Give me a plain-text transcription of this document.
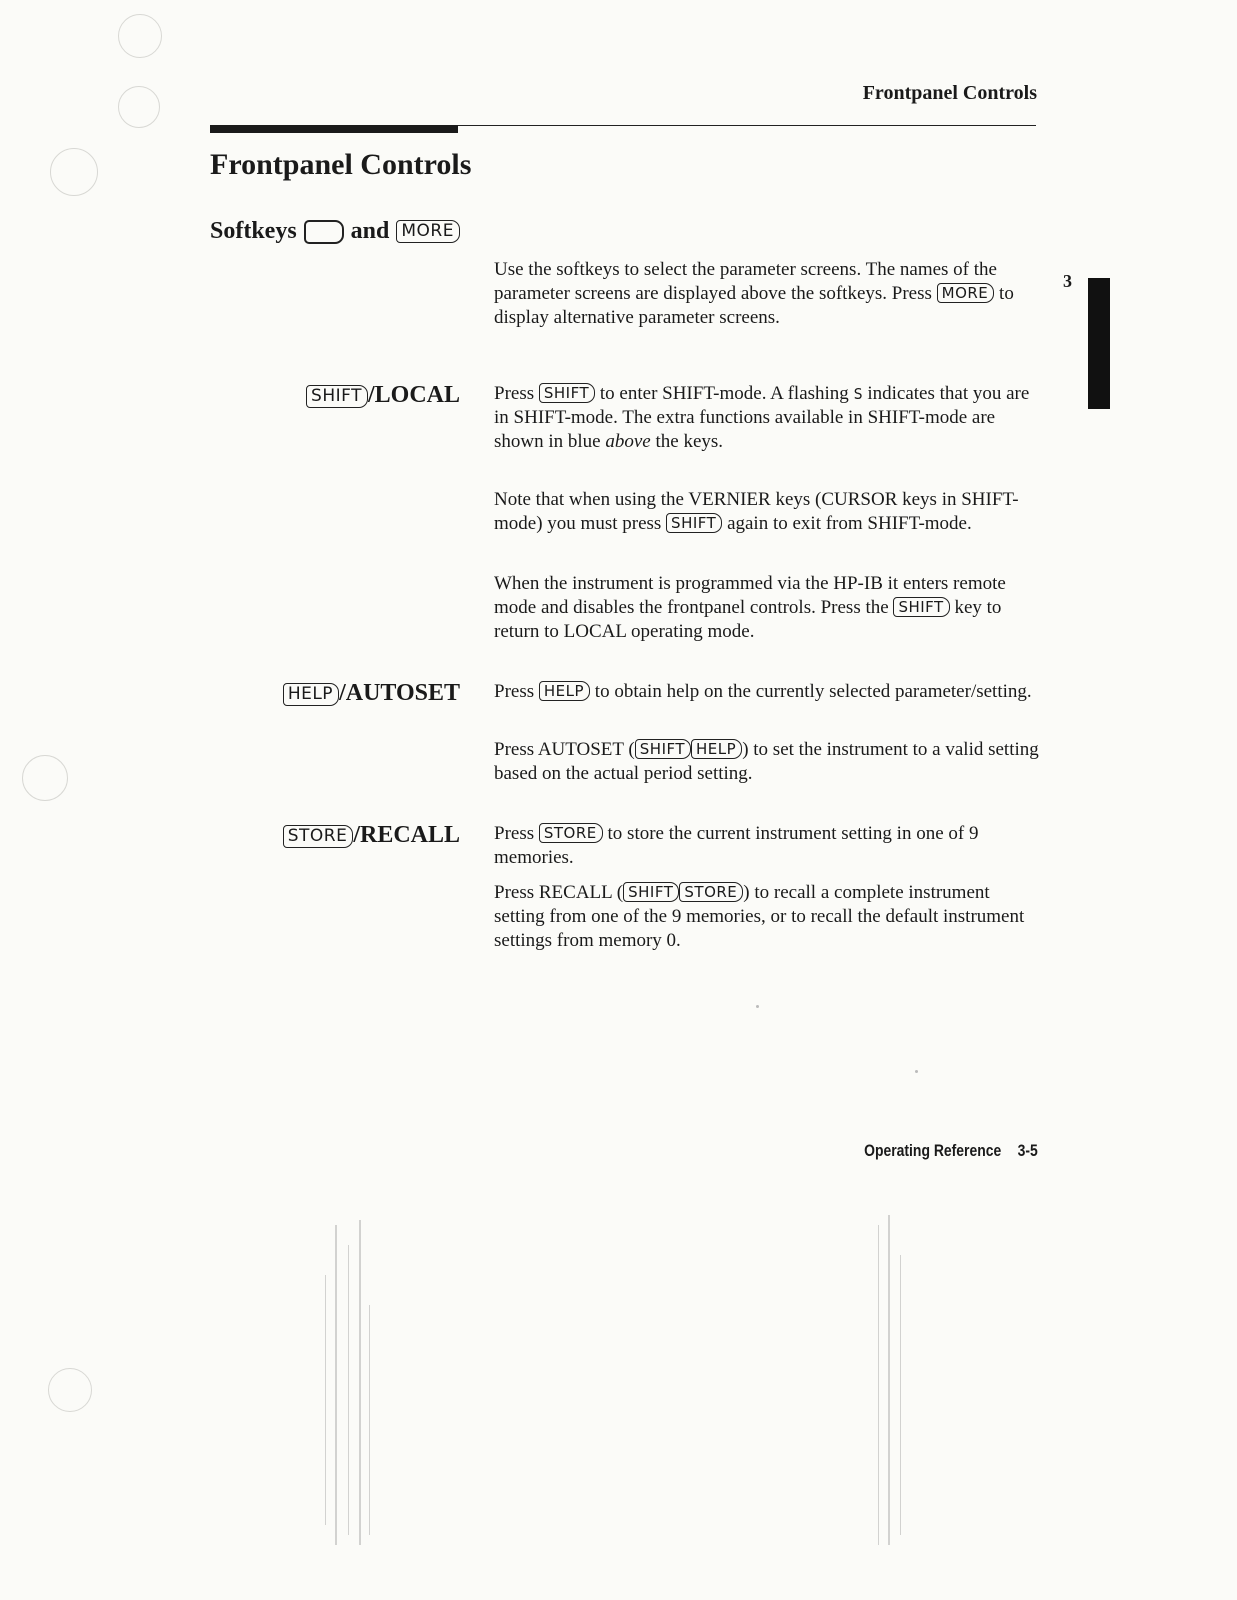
Frontpanel Controls
Frontpanel Controls
Softkeys and MORE

Use the softkeys to select the parameter screens. The names of the parameter screens are displayed above the softkeys. Press MORE to display alternative parameter screens.

SHIFT /LOCAL Press SHIFT to enter SHIFT-mode. A flashing S indicates that you are in SHIFT-mode. The extra functions available in SHIFT-mode are shown in blue above the keys.

Note that when using the VERNIER keys (CURSOR keys in SHIFT-mode) you must press SHIFT again to exit from SHIFT-mode.

When the instrument is programmed via the HP-IB it enters remote mode and disables the frontpanel controls. Press the SHIFT key to return to LOCAL operating mode.

HELP /AUTOSET Press HELP to obtain help on the currently selected parameter/setting.

Press AUTOSET ( SHIFT HELP ) to set the instrument to a valid setting based on the actual period setting.

STORE /RECALL Press STORE to store the current instrument setting in one of 9 memories.

Press RECALL ( SHIFT STORE ) to recall a complete instrument setting from one of the 9 memories, or to recall the default instrument settings from memory 0.

3
Operating Reference 3-5
